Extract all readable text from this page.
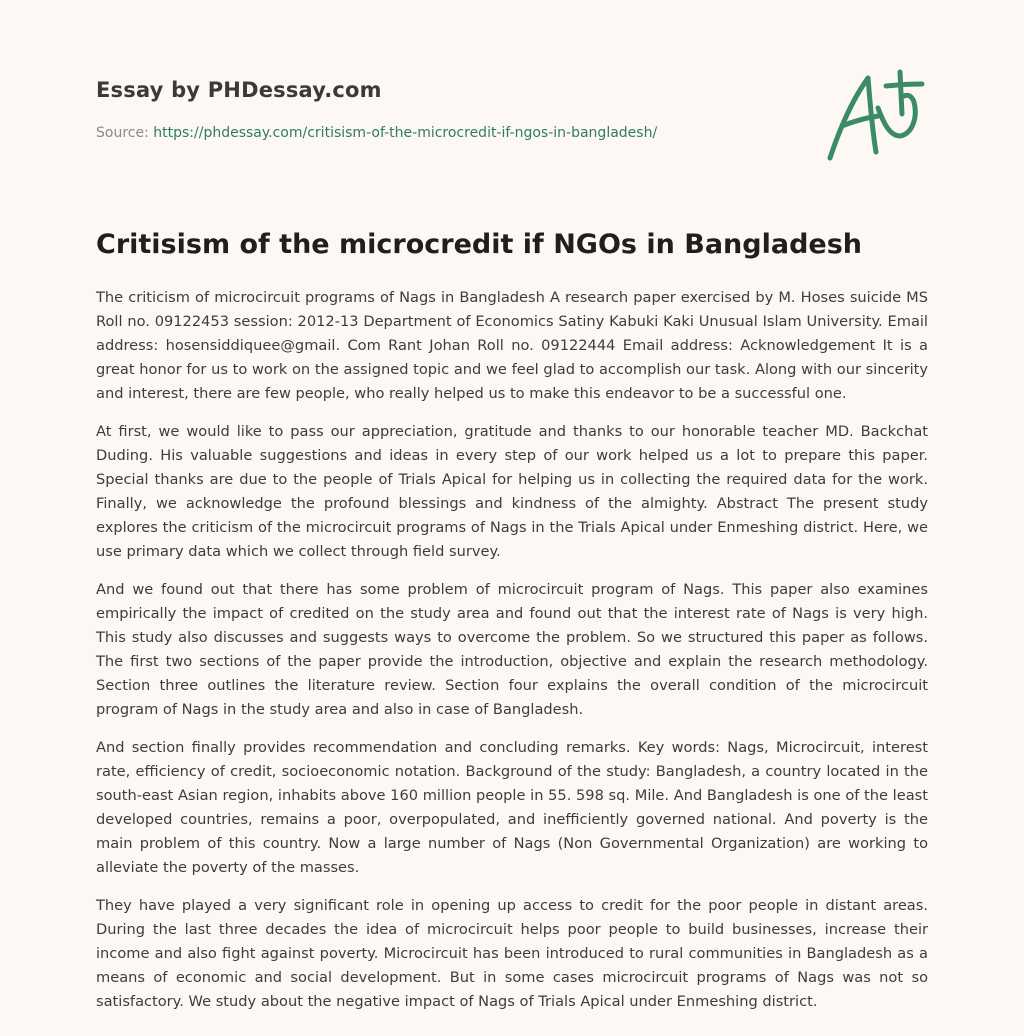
Essay by PHDessay.com
Source: https://phdessay.com/critisism-of-the-microcredit-if-ngos-in-bangladesh/
Critisism of the microcredit if NGOs in Bangladesh

The criticism of microcircuit programs of Nags in Bangladesh A research paper exercised by M. Hoses suicide MS Roll no. 09122453 session: 2012-13 Department of Economics Satiny Kabuki Kaki Unusual Islam University. Email address: hosensiddiquee@gmail. Com Rant Johan Roll no. 09122444 Email address: Acknowledgement It is a great honor for us to work on the assigned topic and we feel glad to accomplish our task. Along with our sincerity and interest, there are few people, who really helped us to make this endeavor to be a successful one.

At first, we would like to pass our appreciation, gratitude and thanks to our honorable teacher MD. Backchat Duding. His valuable suggestions and ideas in every step of our work helped us a lot to prepare this paper. Special thanks are due to the people of Trials Apical for helping us in collecting the required data for the work. Finally, we acknowledge the profound blessings and kindness of the almighty. Abstract The present study explores the criticism of the microcircuit programs of Nags in the Trials Apical under Enmeshing district. Here, we use primary data which we collect through field survey.

And we found out that there has some problem of microcircuit program of Nags. This paper also examines empirically the impact of credited on the study area and found out that the interest rate of Nags is very high. This study also discusses and suggests ways to overcome the problem. So we structured this paper as follows. The first two sections of the paper provide the introduction, objective and explain the research methodology. Section three outlines the literature review. Section four explains the overall condition of the microcircuit program of Nags in the study area and also in case of Bangladesh.

And section finally provides recommendation and concluding remarks. Key words: Nags, Microcircuit, interest rate, efficiency of credit, socioeconomic notation. Background of the study: Bangladesh, a country located in the south-east Asian region, inhabits above 160 million people in 55. 598 sq. Mile. And Bangladesh is one of the least developed countries, remains a poor, overpopulated, and inefficiently governed national. And poverty is the main problem of this country. Now a large number of Nags (Non Governmental Organization) are working to alleviate the poverty of the masses.

They have played a very significant role in opening up access to credit for the poor people in distant areas. During the last three decades the idea of microcircuit helps poor people to build businesses, increase their income and also fight against poverty. Microcircuit has been introduced to rural communities in Bangladesh as a means of economic and social development. But in some cases microcircuit programs of Nags was not so satisfactory. We study about the negative impact of Nags of Trials Apical under Enmeshing district.
